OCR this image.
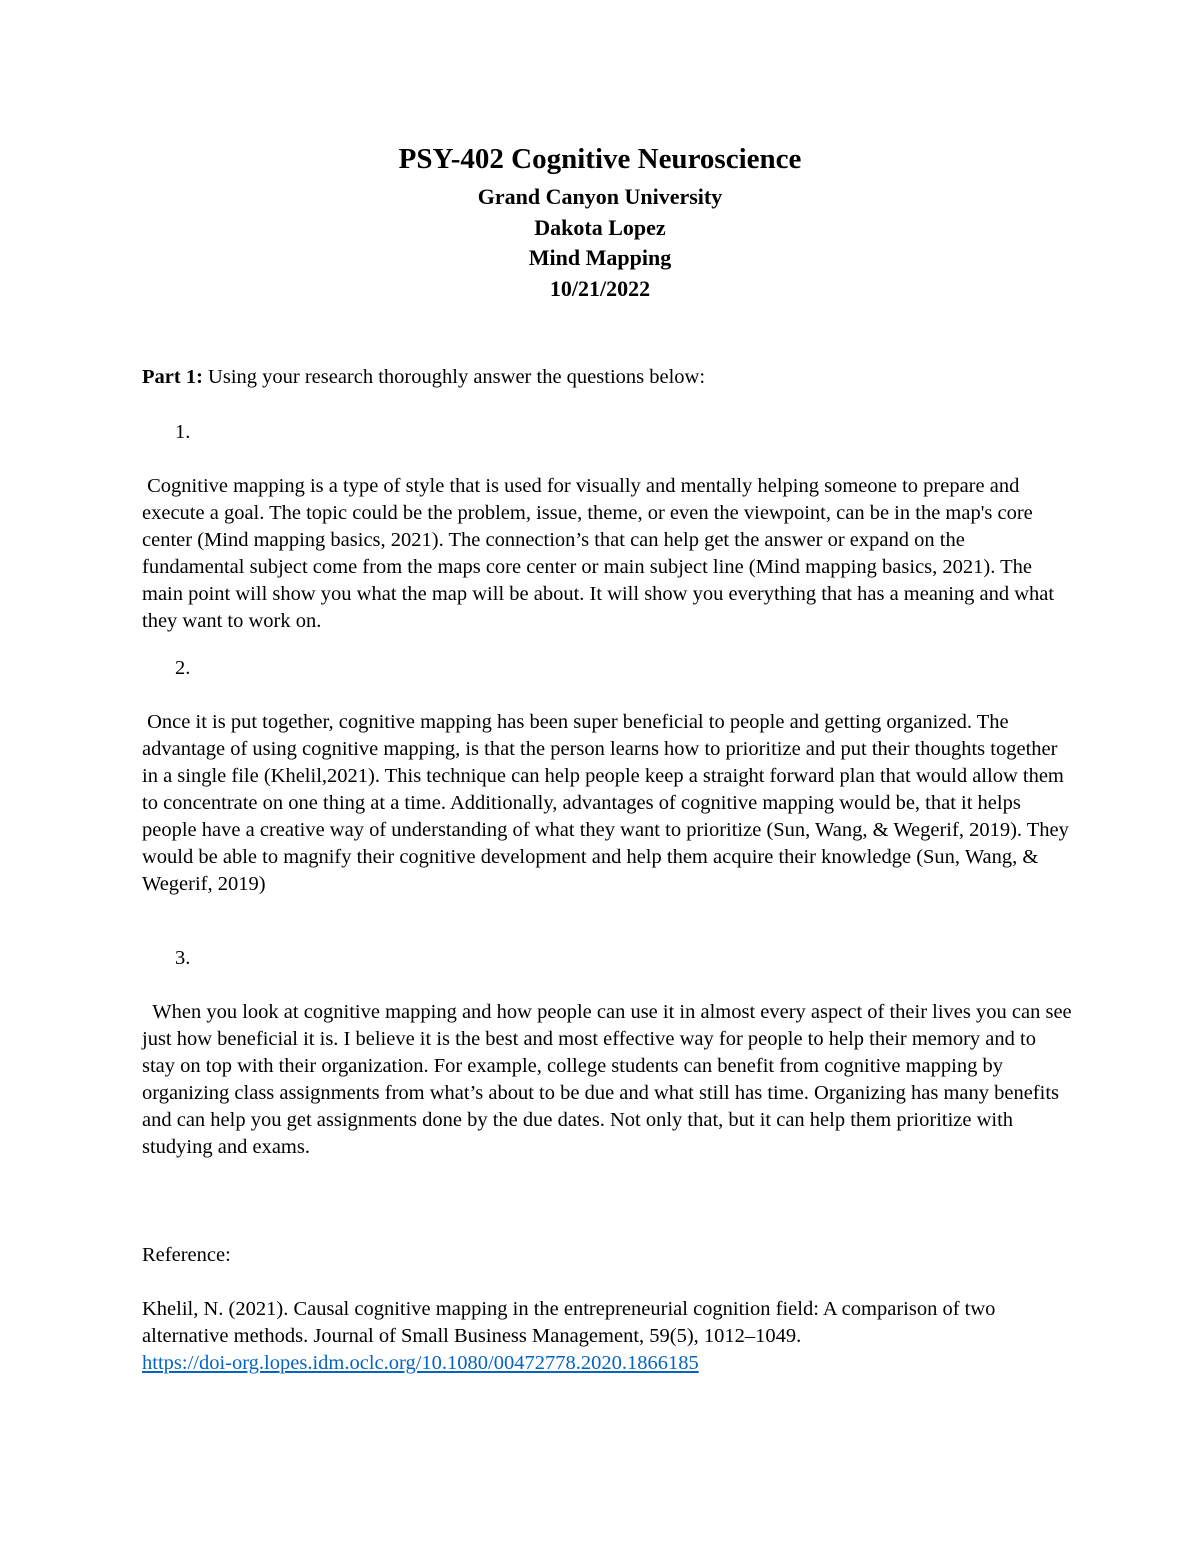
PSY-402 Cognitive Neuroscience
Grand Canyon University
Dakota Lopez
Mind Mapping
10/21/2022
Part 1: Using your research thoroughly answer the questions below:
1.
Cognitive mapping is a type of style that is used for visually and mentally helping someone to prepare and execute a goal. The topic could be the problem, issue, theme, or even the viewpoint, can be in the map's core center (Mind mapping basics, 2021). The connection’s that can help get the answer or expand on the fundamental subject come from the maps core center or main subject line (Mind mapping basics, 2021). The main point will show you what the map will be about. It will show you everything that has a meaning and what they want to work on.
2.
Once it is put together, cognitive mapping has been super beneficial to people and getting organized. The advantage of using cognitive mapping, is that the person learns how to prioritize and put their thoughts together in a single file (Khelil,2021). This technique can help people keep a straight forward plan that would allow them to concentrate on one thing at a time. Additionally, advantages of cognitive mapping would be, that it helps people have a creative way of understanding of what they want to prioritize (Sun, Wang, & Wegerif, 2019). They would be able to magnify their cognitive development and help them acquire their knowledge (Sun, Wang, & Wegerif, 2019)
3.
When you look at cognitive mapping and how people can use it in almost every aspect of their lives you can see just how beneficial it is. I believe it is the best and most effective way for people to help their memory and to stay on top with their organization. For example, college students can benefit from cognitive mapping by organizing class assignments from what’s about to be due and what still has time. Organizing has many benefits and can help you get assignments done by the due dates. Not only that, but it can help them prioritize with studying and exams.
Reference:
Khelil, N. (2021). Causal cognitive mapping in the entrepreneurial cognition field: A comparison of two alternative methods. Journal of Small Business Management, 59(5), 1012–1049.
https://doi-org.lopes.idm.oclc.org/10.1080/00472778.2020.1866185
